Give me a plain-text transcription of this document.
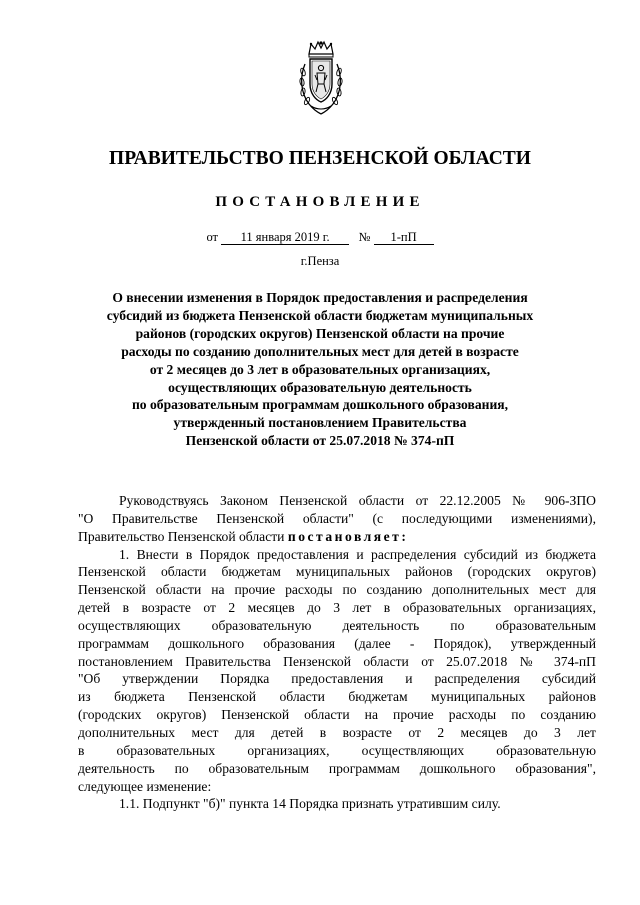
ПРАВИТЕЛЬСТВО ПЕНЗЕНСКОЙ ОБЛАСТИ
ПОСТАНОВЛЕНИЕ
от 11 января 2019 г. № 1-пП
г.Пенза
О внесении изменения в Порядок предоставления и распределения
субсидий из бюджета Пензенской области бюджетам муниципальных
районов (городских округов) Пензенской области на прочие
расходы по созданию дополнительных мест для детей в возрасте
от 2 месяцев до 3 лет в образовательных организациях,
осуществляющих образовательную деятельность
по образовательным программам дошкольного образования,
утвержденный постановлением Правительства
Пензенской области от 25.07.2018 № 374-пП
Руководствуясь Законом Пензенской области от 22.12.2005 № 906-ЗПО
"О Правительстве Пензенской области" (с последующими изменениями),
Правительство Пензенской области постановляет:
1. Внести в Порядок предоставления и распределения субсидий из бюджета
Пензенской области бюджетам муниципальных районов (городских округов)
Пензенской области на прочие расходы по созданию дополнительных мест для
детей в возрасте от 2 месяцев до 3 лет в образовательных организациях,
осуществляющих образовательную деятельность по образовательным
программам дошкольного образования (далее - Порядок), утвержденный
постановлением Правительства Пензенской области от 25.07.2018 № 374-пП
"Об утверждении Порядка предоставления и распределения субсидий
из бюджета Пензенской области бюджетам муниципальных районов
(городских округов) Пензенской области на прочие расходы по созданию
дополнительных мест для детей в возрасте от 2 месяцев до 3 лет
в образовательных организациях, осуществляющих образовательную
деятельность по образовательным программам дошкольного образования",
следующее изменение:
1.1. Подпункт "б)" пункта 14 Порядка признать утратившим силу.
